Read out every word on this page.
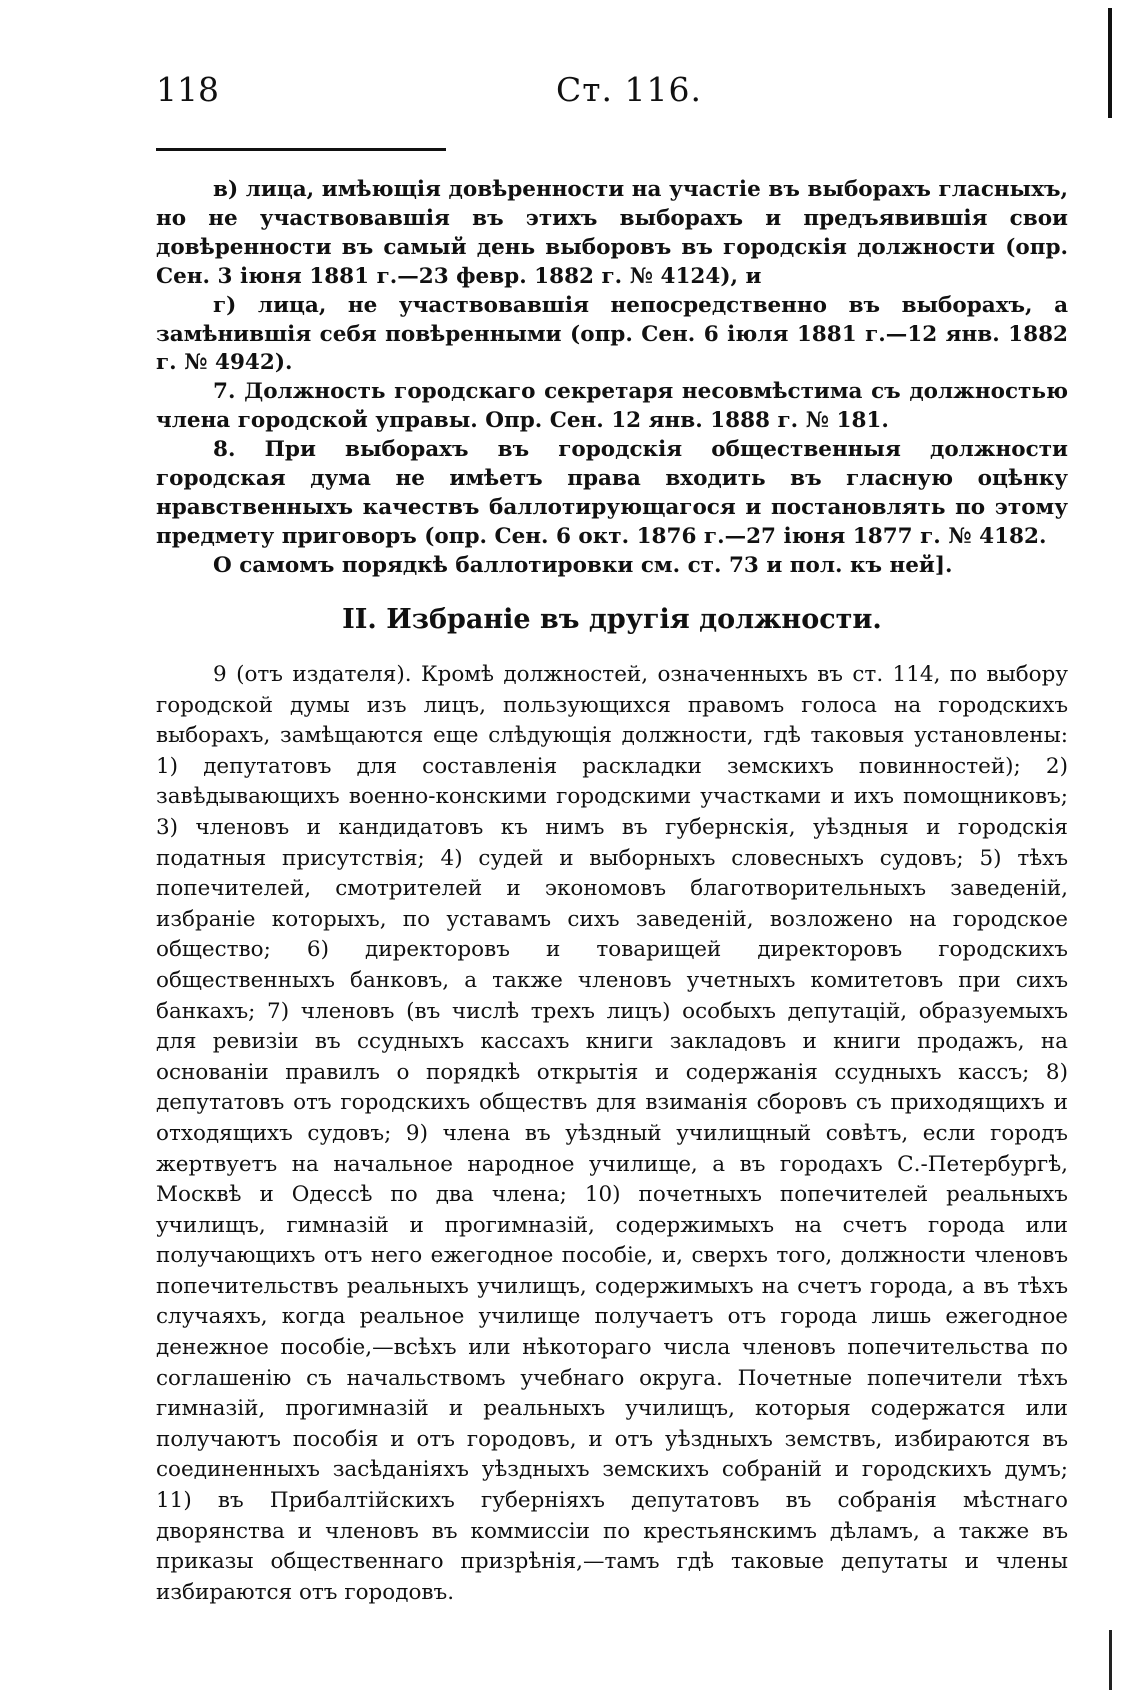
118	Ст. 116.

в) лица, имѣющія довѣренности на участіе въ выборахъ гласныхъ, но не участвовавшія въ этихъ выборахъ и предъявившія свои довѣренности въ самый день выборовъ въ городскія должности (опр. Сен. 3 іюня 1881 г.—23 февр. 1882 г. № 4124), и

г) лица, не участвовавшія непосредственно въ выборахъ, а замѣнившія себя повѣренными (опр. Сен. 6 іюля 1881 г.—12 янв. 1882 г. № 4942).

7. Должность городскаго секретаря несовмѣстима съ должностью члена городской управы. Опр. Сен. 12 янв. 1888 г. № 181.

8. При выборахъ въ городскія общественныя должности городская дума не имѣетъ права входить въ гласную оцѣнку нравственныхъ качествъ баллотирующагося и постановлять по этому предмету приговоръ (опр. Сен. 6 окт. 1876 г.—27 іюня 1877 г. № 4182.

О самомъ порядкѣ баллотировки см. ст. 73 и пол. къ ней].

II. Избраніе въ другія должности.

9 (отъ издателя). Кромѣ должностей, означенныхъ въ ст. 114, по выбору городской думы изъ лицъ, пользующихся правомъ голоса на городскихъ выборахъ, замѣщаются еще слѣдующія должности, гдѣ таковыя установлены: 1) депутатовъ для составленія раскладки земскихъ повинностей); 2) завѣдывающихъ военно-конскими городскими участками и ихъ помощниковъ; 3) членовъ и кандидатовъ къ нимъ въ губернскія, уѣздныя и городскія податныя присутствія; 4) судей и выборныхъ словесныхъ судовъ; 5) тѣхъ попечителей, смотрителей и экономовъ благотворительныхъ заведеній, избраніе которыхъ, по уставамъ сихъ заведеній, возложено на городское общество; 6) директоровъ и товарищей директоровъ городскихъ общественныхъ банковъ, а также членовъ учетныхъ комитетовъ при сихъ банкахъ; 7) членовъ (въ числѣ трехъ лицъ) особыхъ депутацій, образуемыхъ для ревизіи въ ссудныхъ кассахъ книги закладовъ и книги продажъ, на основаніи правилъ о порядкѣ открытія и содержанія ссудныхъ кассъ; 8) депутатовъ отъ городскихъ обществъ для взиманія сборовъ съ приходящихъ и отходящихъ судовъ; 9) члена въ уѣздный училищный совѣтъ, если городъ жертвуетъ на начальное народное училище, а въ городахъ С.-Петербургѣ, Москвѣ и Одессѣ по два члена; 10) почетныхъ попечителей реальныхъ училищъ, гимназій и прогимназій, содержимыхъ на счетъ города или получающихъ отъ него ежегодное пособіе, и, сверхъ того, должности членовъ попечительствъ реальныхъ училищъ, содержимыхъ на счетъ города, а въ тѣхъ случаяхъ, когда реальное училище получаетъ отъ города лишь ежегодное денежное пособіе,—всѣхъ или нѣкотораго числа членовъ попечительства по соглашенію съ начальствомъ учебнаго округа. Почетные попечители тѣхъ гимназій, прогимназій и реальныхъ училищъ, которыя содержатся или получаютъ пособія и отъ городовъ, и отъ уѣздныхъ земствъ, избираются въ соединенныхъ засѣданіяхъ уѣздныхъ земскихъ собраній и городскихъ думъ; 11) въ Прибалтійскихъ губерніяхъ депутатовъ въ собранія мѣстнаго дворянства и членовъ въ коммиссіи по крестьянскимъ дѣламъ, а также въ приказы общественнаго призрѣнія,—тамъ гдѣ таковые депутаты и члены избираются отъ городовъ.
